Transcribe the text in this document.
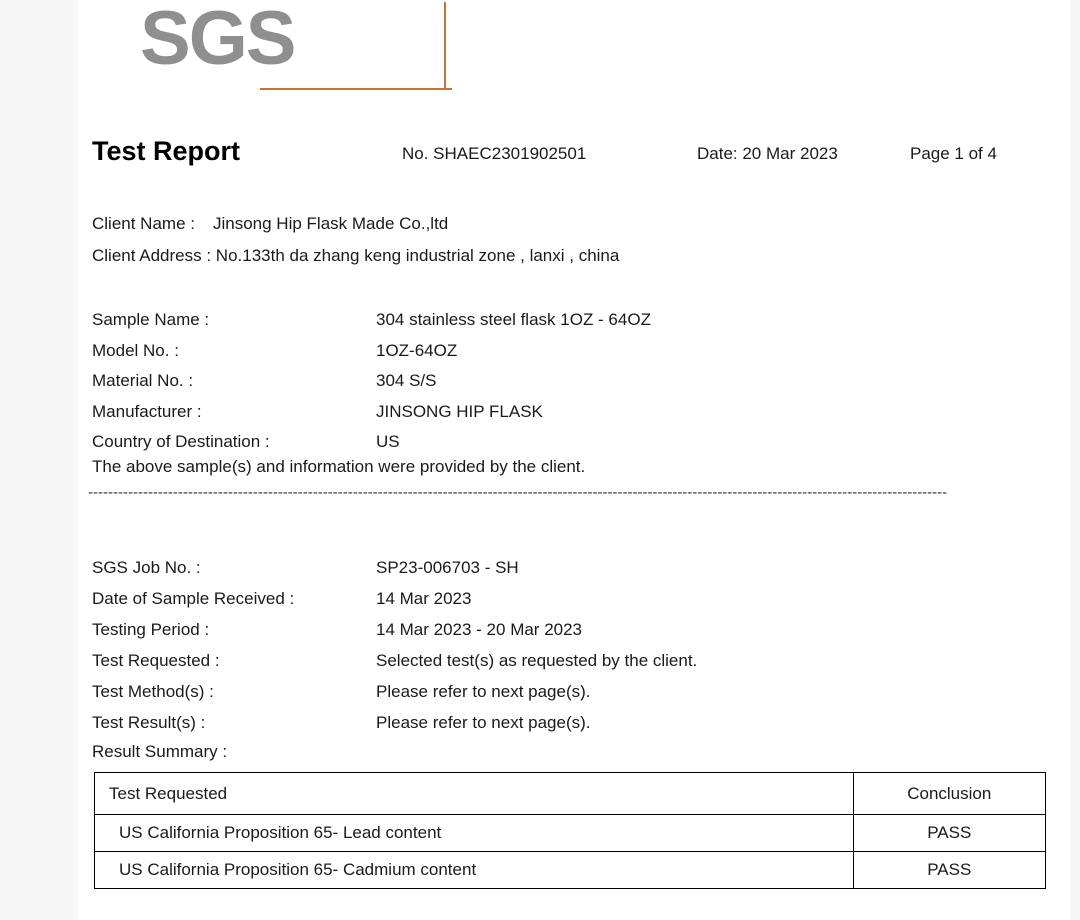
SGS
Test Report	No. SHAEC2301902501	Date: 20 Mar 2023	Page 1 of 4
Client Name : Jinsong Hip Flask Made Co.,ltd
Client Address : No.133th da zhang keng industrial zone , lanxi , china
Sample Name :	304 stainless steel flask 1OZ - 64OZ
Model No. :	1OZ-64OZ
Material No. :	304 S/S
Manufacturer :	JINSONG HIP FLASK
Country of Destination :	US
The above sample(s) and information were provided by the client.
----------------------------------------------------------------------------------------------------------------------------------------------------------------------------
SGS Job No. :	SP23-006703 - SH
Date of Sample Received :	14 Mar 2023
Testing Period :	14 Mar 2023 - 20 Mar 2023
Test Requested :	Selected test(s) as requested by the client.
Test Method(s) :	Please refer to next page(s).
Test Result(s) :	Please refer to next page(s).
Result Summary :
Test Requested	Conclusion
US California Proposition 65- Lead content	PASS
US California Proposition 65- Cadmium content	PASS
